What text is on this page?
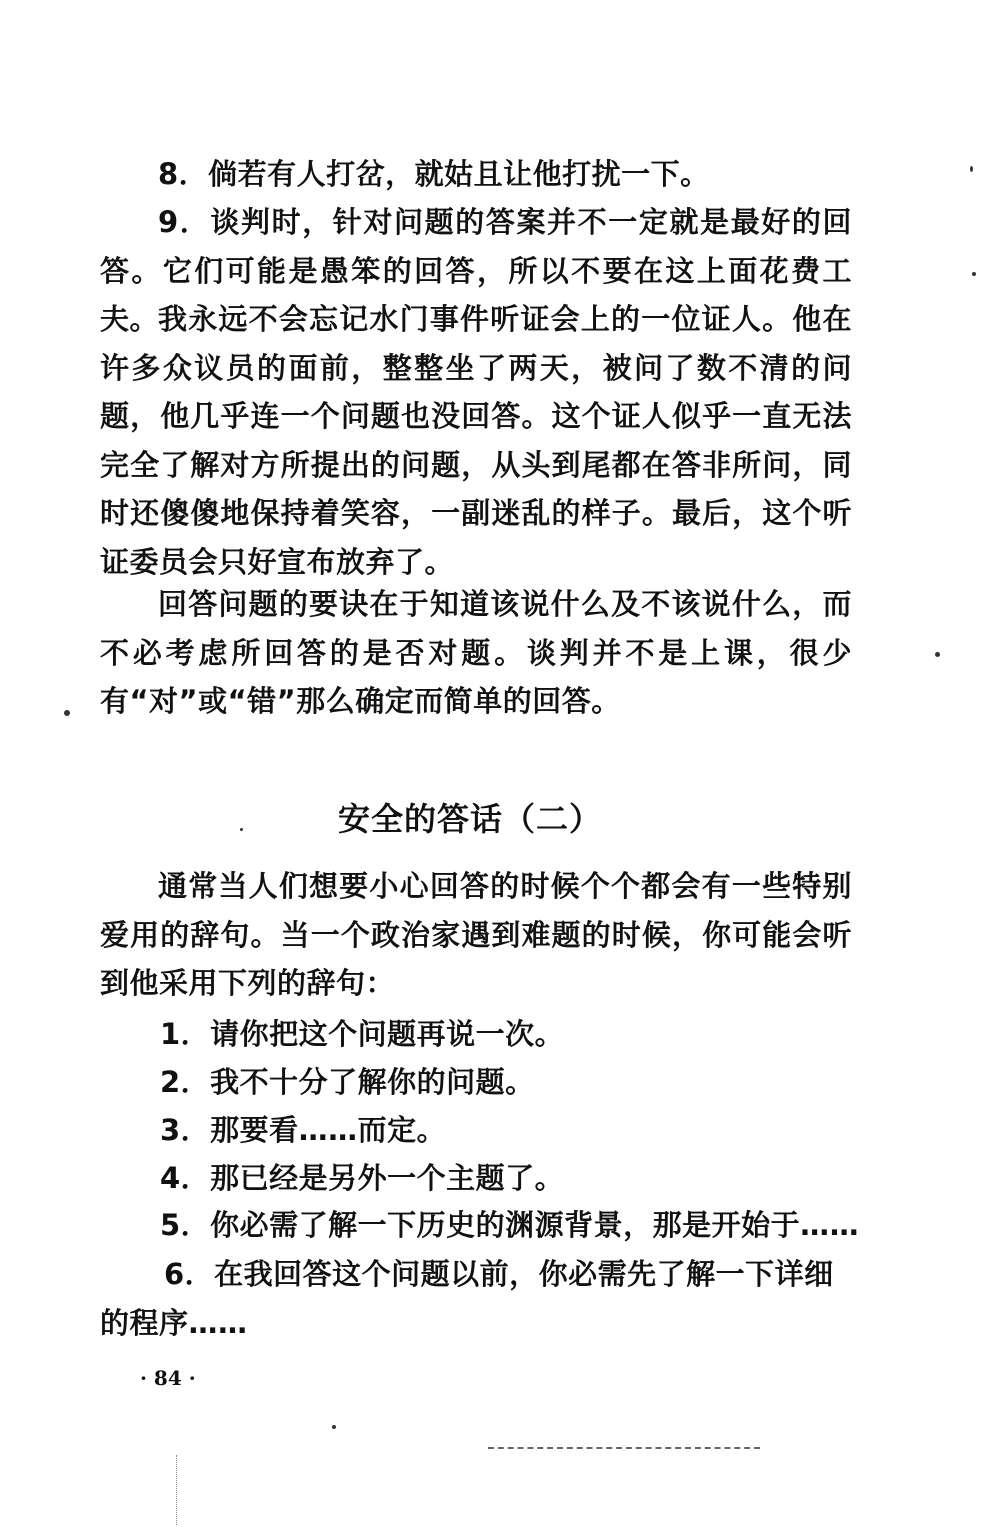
8．倘若有人打岔，就姑且让他打扰一下。

9．谈判时，针对问题的答案并不一定就是最好的回答。它们可能是愚笨的回答，所以不要在这上面花费工夫。

我永远不会忘记水门事件听证会上的一位证人。他在许多众议员的面前，整整坐了两天，被问了数不清的问题，他几乎连一个问题也没回答。这个证人似乎一直无法完全了解对方所提出的问题，从头到尾都在答非所问，同时还傻傻地保持着笑容，一副迷乱的样子。最后，这个听证委员会只好宣布放弃了。

回答问题的要诀在于知道该说什么及不该说什么，而不必考虑所回答的是否对题。谈判并不是上课，很少有“对”或“错”那么确定而简单的回答。

安全的答话（二）

通常当人们想要小心回答的时候个个都会有一些特别爱用的辞句。当一个政治家遇到难题的时候，你可能会听到他采用下列的辞句：

1．请你把这个问题再说一次。

2．我不十分了解你的问题。

3．那要看……而定。

4．那已经是另外一个主题了。

5．你必需了解一下历史的渊源背景，那是开始于……

6．在我回答这个问题以前，你必需先了解一下详细的程序……

· 84 ·
